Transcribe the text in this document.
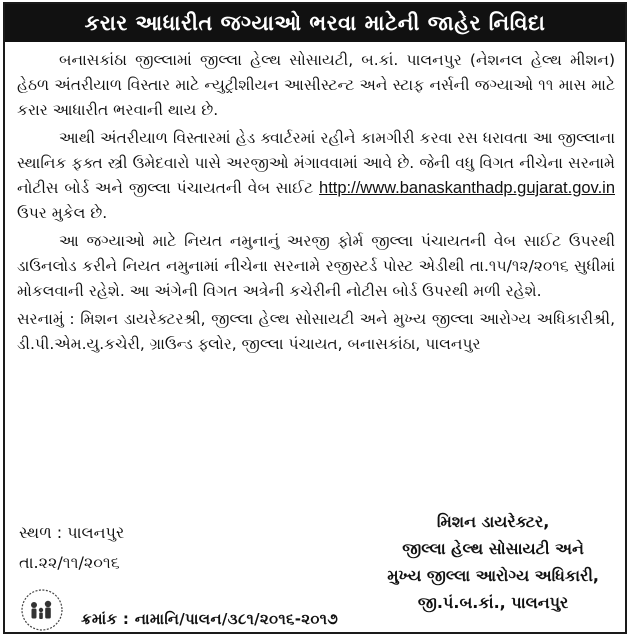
કરાર આધારીત જગ્યાઓ ભરવા માટેની જાહેર નિવિદા

બનાસકાંઠા જીલ્લામાં જીલ્લા હેલ્થ સોસાયટી, બ.કાં. પાલનપુર (નેશનલ હેલ્થ મીશન) હેઠળ અંતરીયાળ વિસ્તાર માટે ન્યુટ્રીશીયન આસીસ્ટન્ટ અને સ્ટાફ નર્સની જગ્યાઓ ૧૧ માસ માટે કરાર આધારીત ભરવાની થાય છે.

આથી અંતરીયાળ વિસ્તારમાં હેડ ક્વાર્ટરમાં રહીને કામગીરી કરવા રસ ધરાવતા આ જીલ્લાના સ્થાનિક ફક્ત સ્ત્રી ઉમેદવારો પાસે અરજીઓ મંગાવવામાં આવે છે. જેની વધુ વિગત નીચેના સરનામે નોટીસ બોર્ડ અને જીલ્લા પંચાયતની વેબ સાઈટ http://www.banaskanthadp.gujarat.gov.in ઉપર મુકેલ છે.

આ જગ્યાઓ માટે નિયત નમુનાનું અરજી ફોર્મ જીલ્લા પંચાયતની વેબ સાઈટ ઉપરથી ડાઉનલોડ કરીને નિયત નમુનામાં નીચેના સરનામે રજીસ્ટર્ડ પોસ્ટ એડીથી તા.૧૫/૧૨/૨૦૧૬ સુધીમાં મોકલવાની રહેશે. આ અંગેની વિગત અત્રેની કચેરીની નોટીસ બોર્ડ ઉપરથી મળી રહેશે.

સરનામું : મિશન ડાયરેક્ટરશ્રી, જીલ્લા હેલ્થ સોસાયટી અને મુખ્ય જીલ્લા આરોગ્ય અધિકારીશ્રી, ડી.પી.એમ.યુ.કચેરી, ગ્રાઉન્ડ ફ્લોર, જીલ્લા પંચાયત, બનાસકાંઠા, પાલનપુર

સ્થળ : પાલનપુર
તા.૨૨/૧૧/૨૦૧૬
મિશન ડાયરેક્ટર,
જીલ્લા હેલ્થ સોસાયટી અને
મુખ્ય જીલ્લા આરોગ્ય અધિકારી,
જી.પં.બ.કાં., પાલનપુર
ક્રમાંક : નામાનિ/પાલન/૩૮૧/૨૦૧૬-૨૦૧૭
